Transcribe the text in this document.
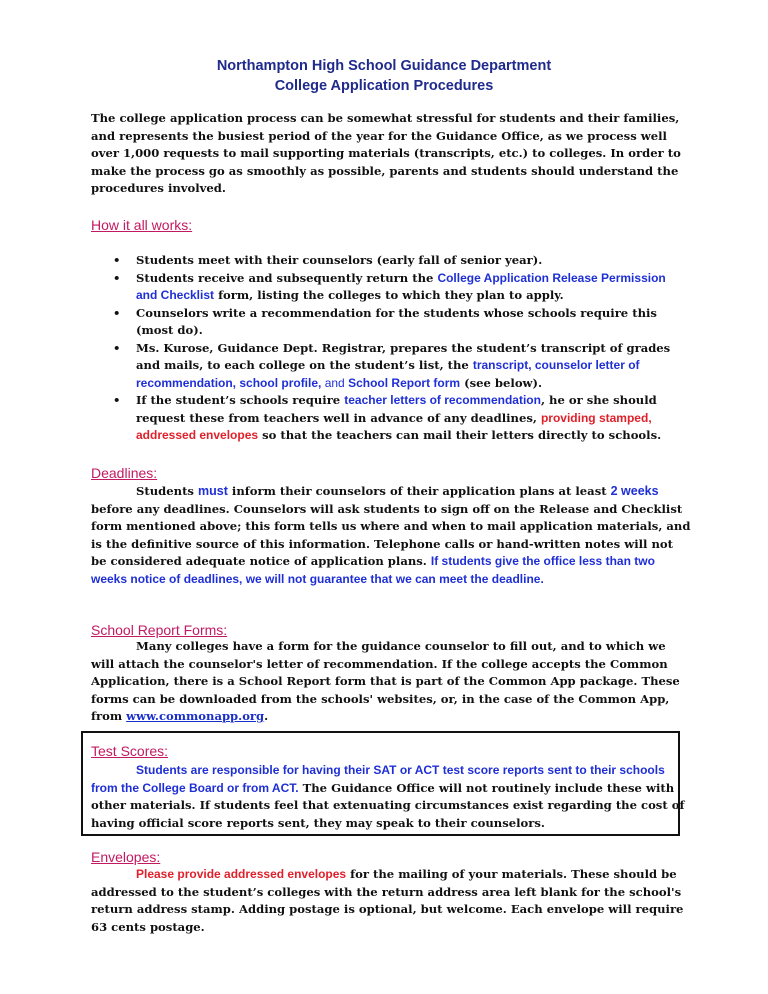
Northampton High School Guidance Department
College Application Procedures
The college application process can be somewhat stressful for students and their families, and represents the busiest period of the year for the Guidance Office, as we process well over 1,000 requests to mail supporting materials (transcripts, etc.) to colleges. In order to make the process go as smoothly as possible, parents and students should understand the procedures involved.
How it all works:
• Students meet with their counselors (early fall of senior year).
• Students receive and subsequently return the College Application Release Permission and Checklist form, listing the colleges to which they plan to apply.
• Counselors write a recommendation for the students whose schools require this (most do).
• Ms. Kurose, Guidance Dept. Registrar, prepares the student’s transcript of grades and mails, to each college on the student’s list, the transcript, counselor letter of recommendation, school profile, and School Report form (see below).
• If the student’s schools require teacher letters of recommendation, he or she should request these from teachers well in advance of any deadlines, providing stamped, addressed envelopes so that the teachers can mail their letters directly to schools.
Deadlines:
Students must inform their counselors of their application plans at least 2 weeks before any deadlines. Counselors will ask students to sign off on the Release and Checklist form mentioned above; this form tells us where and when to mail application materials, and is the definitive source of this information. Telephone calls or hand-written notes will not be considered adequate notice of application plans. If students give the office less than two weeks notice of deadlines, we will not guarantee that we can meet the deadline.
School Report Forms:
Many colleges have a form for the guidance counselor to fill out, and to which we will attach the counselor's letter of recommendation. If the college accepts the Common Application, there is a School Report form that is part of the Common App package. These forms can be downloaded from the schools' websites, or, in the case of the Common App, from www.commonapp.org.
Test Scores:
Students are responsible for having their SAT or ACT test score reports sent to their schools from the College Board or from ACT. The Guidance Office will not routinely include these with other materials. If students feel that extenuating circumstances exist regarding the cost of having official score reports sent, they may speak to their counselors.
Envelopes:
Please provide addressed envelopes for the mailing of your materials. These should be addressed to the student’s colleges with the return address area left blank for the school's return address stamp. Adding postage is optional, but welcome. Each envelope will require 63 cents postage.
